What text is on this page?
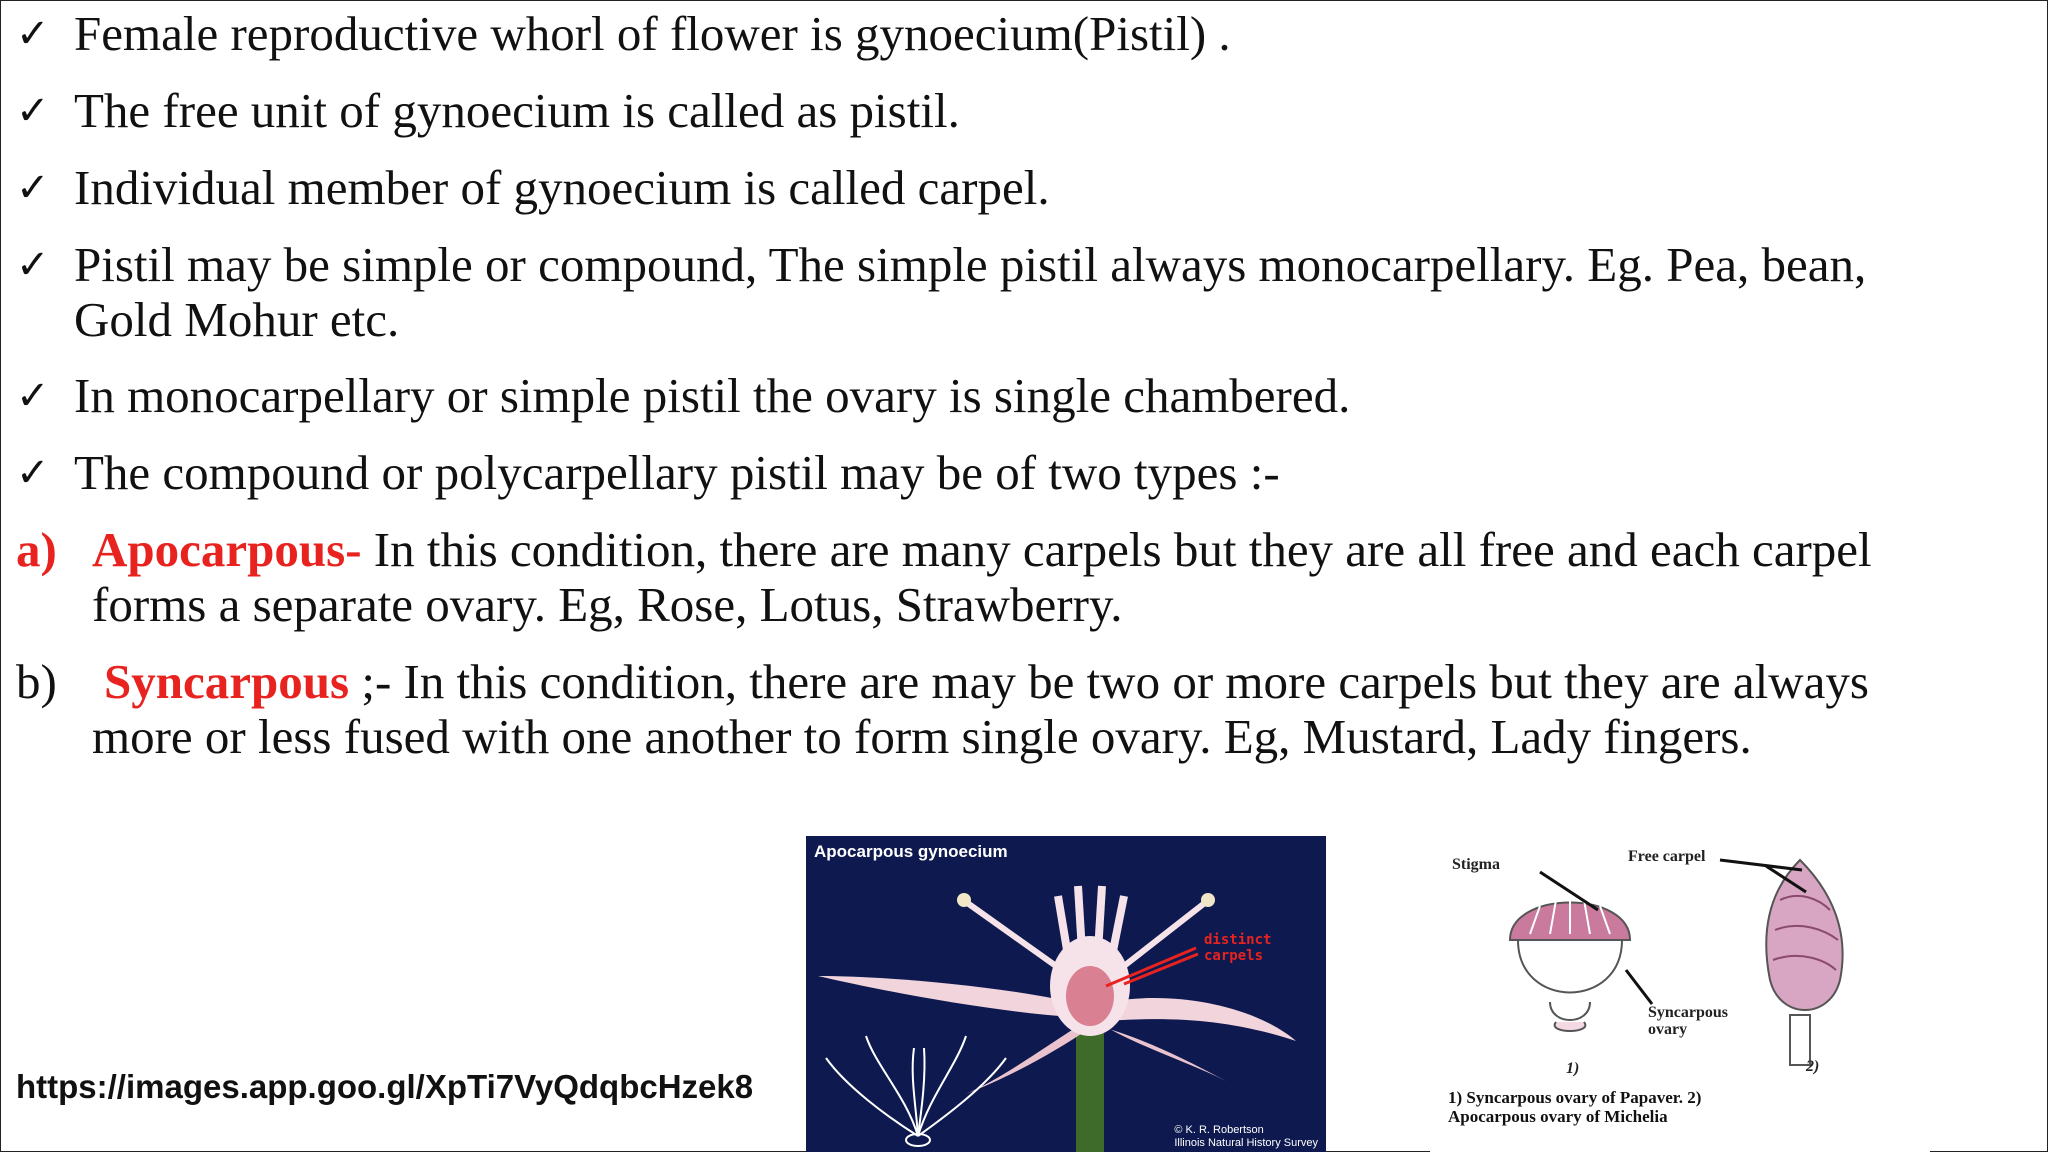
✓ Female reproductive whorl of flower is gynoecium(Pistil) .
✓ The free unit of gynoecium is called as pistil.
✓ Individual member of gynoecium is called carpel.
✓ Pistil may be simple or compound, The simple pistil always monocarpellary. Eg. Pea, bean,
Gold Mohur etc.
✓ In monocarpellary or simple pistil the ovary is single chambered.
✓ The compound or polycarpellary pistil may be of two types :-
a) Apocarpous- In this condition, there are many carpels but they are all free and each carpel
forms a separate ovary. Eg, Rose, Lotus, Strawberry.
b) Syncarpous ;- In this condition, there are may be two or more carpels but they are always
more or less fused with one another to form single ovary. Eg, Mustard, Lady fingers.
https://images.app.goo.gl/XpTi7VyQdqbcHzek8
Apocarpous gynoecium
distinct
carpels
© K. R. Robertson
Illinois Natural History Survey
Stigma	Free carpel
Syncarpous
ovary
1)	2)
1) Syncarpous ovary of Papaver. 2)
Apocarpous ovary of Michelia
